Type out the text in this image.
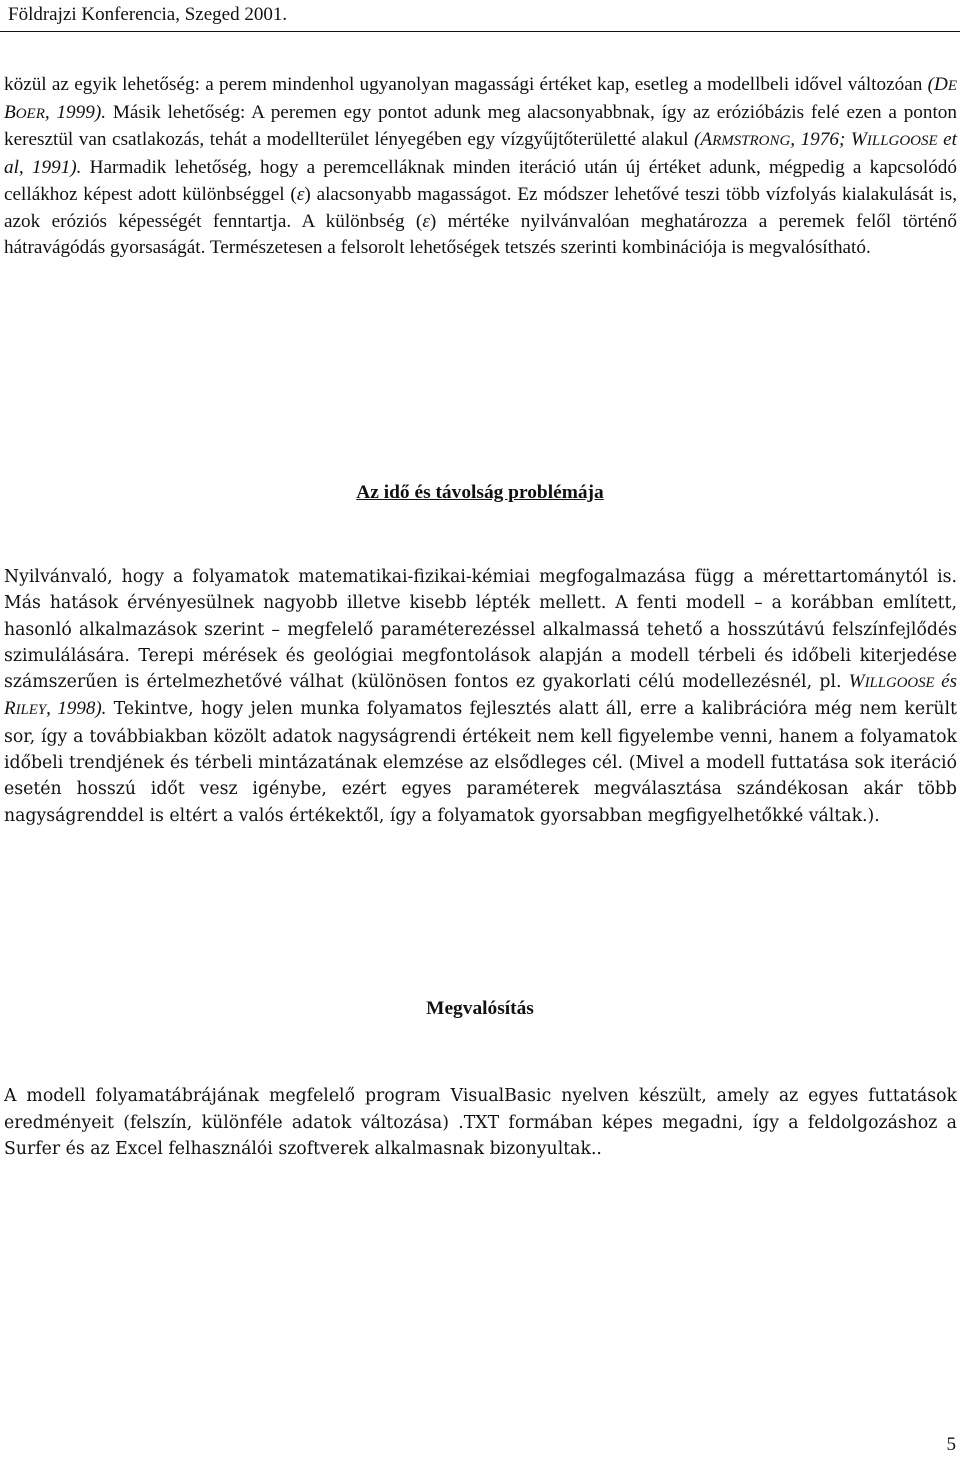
Földrajzi Konferencia, Szeged 2001.

közül az egyik lehetőség: a perem mindenhol ugyanolyan magassági értéket kap, esetleg a modellbeli idővel változóan (DE BOER, 1999). Másik lehetőség: A peremen egy pontot adunk meg alacsonyabbnak, így az erózióbázis felé ezen a ponton keresztül van csatlakozás, tehát a modellterület lényegében egy vízgyűjtőterületté alakul (ARMSTRONG, 1976; WILLGOOSE et al, 1991). Harmadik lehetőség, hogy a peremcelláknak minden iteráció után új értéket adunk, mégpedig a kapcsolódó cellákhoz képest adott különbséggel (ε) alacsonyabb magasságot. Ez módszer lehetővé teszi több vízfolyás kialakulását is, azok eróziós képességét fenntartja. A különbség (ε) mértéke nyilvánvalóan meghatározza a peremek felől történő hátravágódás gyorsaságát. Természetesen a felsorolt lehetőségek tetszés szerinti kombinációja is megvalósítható.

Az idő és távolság problémája

Nyilvánvaló, hogy a folyamatok matematikai-fizikai-kémiai megfogalmazása függ a mérettartománytól is. Más hatások érvényesülnek nagyobb illetve kisebb lépték mellett. A fenti modell – a korábban említett, hasonló alkalmazások szerint – megfelelő paraméterezéssel alkalmassá tehető a hosszútávú felszínfejlődés szimulálására. Terepi mérések és geológiai megfontolások alapján a modell térbeli és időbeli kiterjedése számszerűen is értelmezhetővé válhat (különösen fontos ez gyakorlati célú modellezésnél, pl. WILLGOOSE és RILEY, 1998). Tekintve, hogy jelen munka folyamatos fejlesztés alatt áll, erre a kalibrációra még nem került sor, így a továbbiakban közölt adatok nagyságrendi értékeit nem kell figyelembe venni, hanem a folyamatok időbeli trendjének és térbeli mintázatának elemzése az elsődleges cél. (Mivel a modell futtatása sok iteráció esetén hosszú időt vesz igénybe, ezért egyes paraméterek megválasztása szándékosan akár több nagyságrenddel is eltért a valós értékektől, így a folyamatok gyorsabban megfigyelhetőkké váltak.).

Megvalósítás

A modell folyamatábrájának megfelelő program VisualBasic nyelven készült, amely az egyes futtatások eredményeit (felszín, különféle adatok változása) .TXT formában képes megadni, így a feldolgozáshoz a Surfer és az Excel felhasználói szoftverek alkalmasnak bizonyultak..

5
